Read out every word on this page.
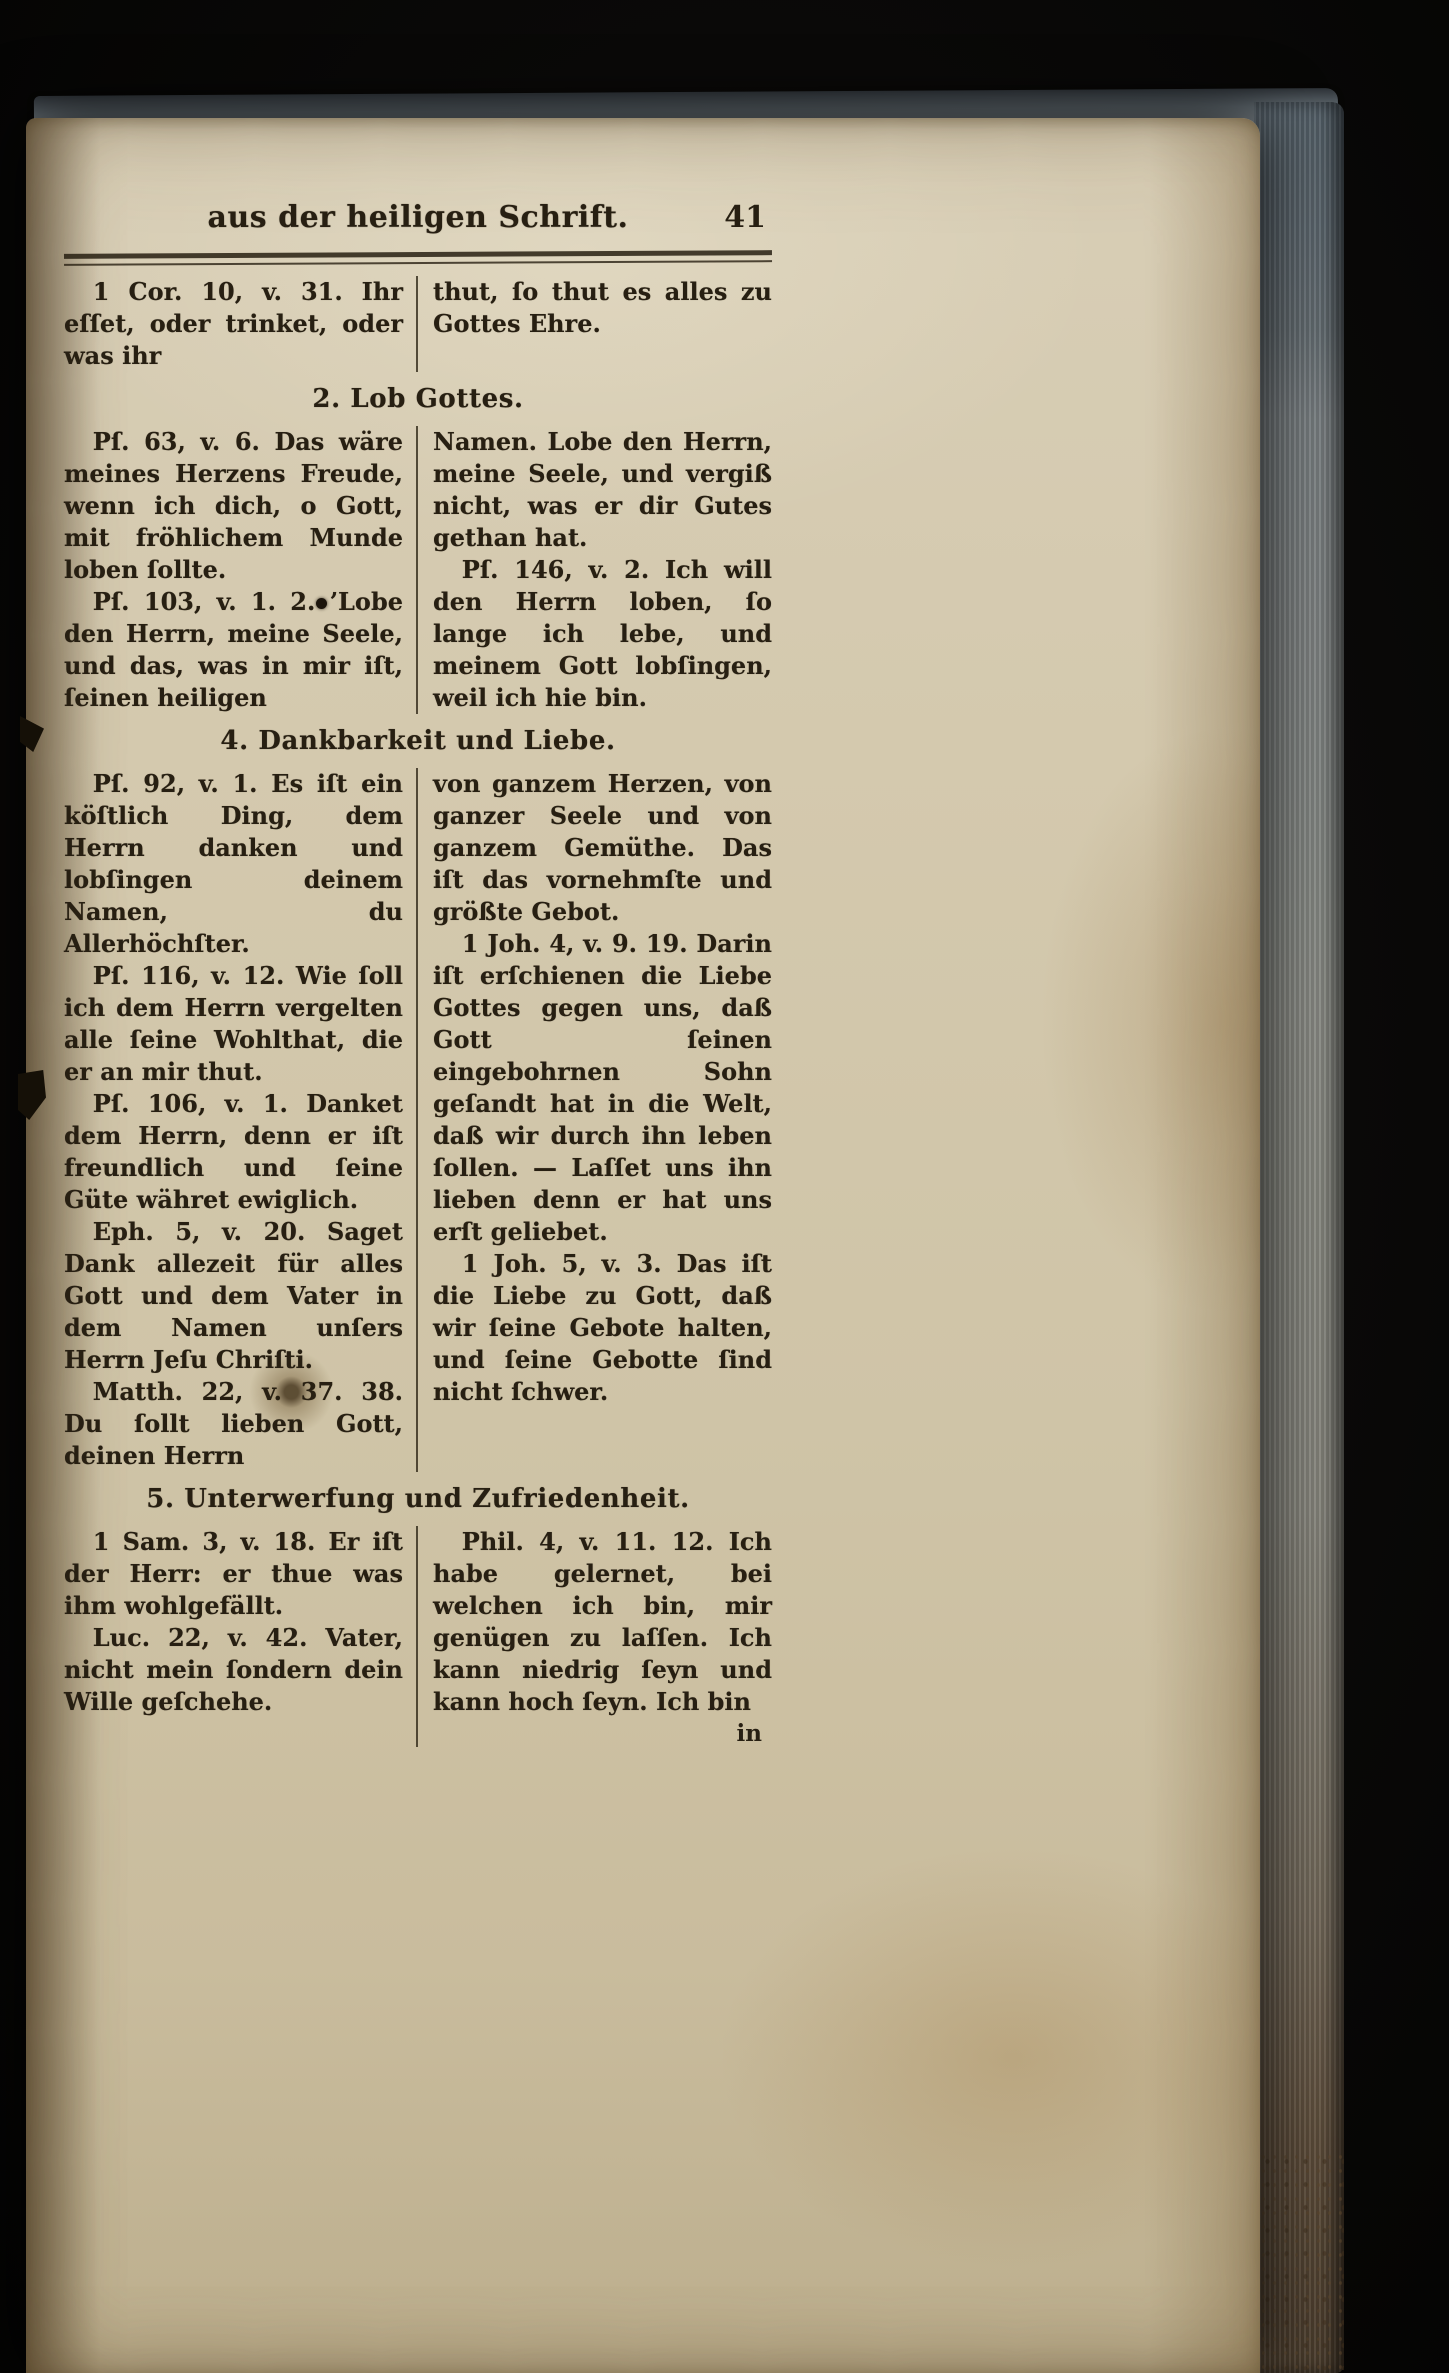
aus der heiligen Schrift.	41

1 Cor. 10, v. 31. Ihr eſſet, oder trinket, oder was ihr

thut, ſo thut es alles zu Gottes Ehre.

2. Lob Gottes.

Pſ. 63, v. 6. Das wäre meines Herzens Freude, wenn ich dich, o Gott, mit fröhlichem Munde loben ſollte.

Pſ. 103, v. 1. 2. ’Lobe den Herrn, meine Seele, und das, was in mir iſt, ſeinen heiligen

Namen. Lobe den Herrn, meine Seele, und vergiß nicht, was er dir Gutes gethan hat.

Pſ. 146, v. 2. Ich will den Herrn loben, ſo lange ich lebe, und meinem Gott lobſingen, weil ich hie bin.

4. Dankbarkeit und Liebe.

Pſ. 92, v. 1. Es iſt ein köſtlich Ding, dem Herrn danken und lobſingen deinem Namen, du Allerhöchſter.

Pſ. 116, v. 12. Wie ſoll ich dem Herrn vergelten alle ſeine Wohlthat, die er an mir thut.

Pſ. 106, v. 1. Danket dem Herrn, denn er iſt freundlich und ſeine Güte währet ewiglich.

Eph. 5, v. 20. Saget Dank allezeit für alles Gott und dem Vater in dem Namen unſers Herrn Jeſu Chriſti.

Matth. 22, v. 37. 38. Du ſollt lieben Gott, deinen Herrn

von ganzem Herzen, von ganzer Seele und von ganzem Gemüthe. Das iſt das vornehmſte und größte Gebot.

1 Joh. 4, v. 9. 19. Darin iſt erſchienen die Liebe Gottes gegen uns, daß Gott ſeinen eingebohrnen Sohn geſandt hat in die Welt, daß wir durch ihn leben ſollen. — Laſſet uns ihn lieben denn er hat uns erſt geliebet.

1 Joh. 5, v. 3. Das iſt die Liebe zu Gott, daß wir ſeine Gebote halten, und ſeine Gebotte ſind nicht ſchwer.

5. Unterwerfung und Zufriedenheit.

1 Sam. 3, v. 18. Er iſt der Herr: er thue was ihm wohlgefällt.

Luc. 22, v. 42. Vater, nicht mein ſondern dein Wille geſchehe.

Phil. 4, v. 11. 12. Ich habe gelernet, bei welchen ich bin, mir genügen zu laſſen. Ich kann niedrig ſeyn und kann hoch ſeyn. Ich bin

in
